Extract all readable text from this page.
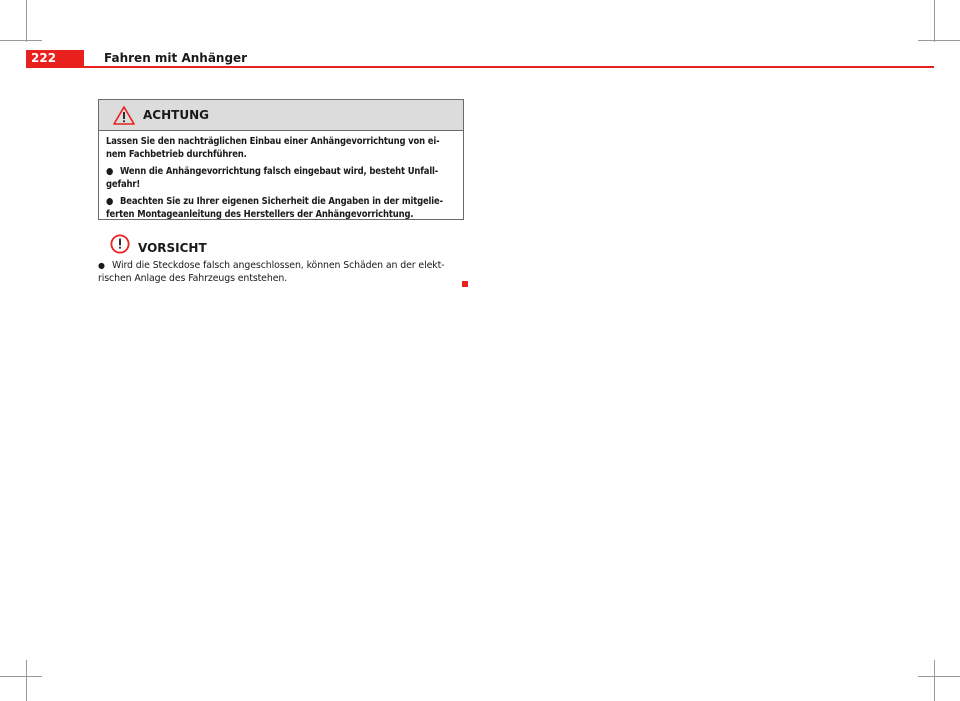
222	Fahren mit Anhänger
ACHTUNG

Lassen Sie den nachträglichen Einbau einer Anhängevorrichtung von ei-
nem Fachbetrieb durchführen.

● Wenn die Anhängevorrichtung falsch eingebaut wird, besteht Unfall-
gefahr!

● Beachten Sie zu Ihrer eigenen Sicherheit die Angaben in der mitgelie-
ferten Montageanleitung des Herstellers der Anhängevorrichtung.

VORSICHT

● Wird die Steckdose falsch angeschlossen, können Schäden an der elekt-
rischen Anlage des Fahrzeugs entstehen.
